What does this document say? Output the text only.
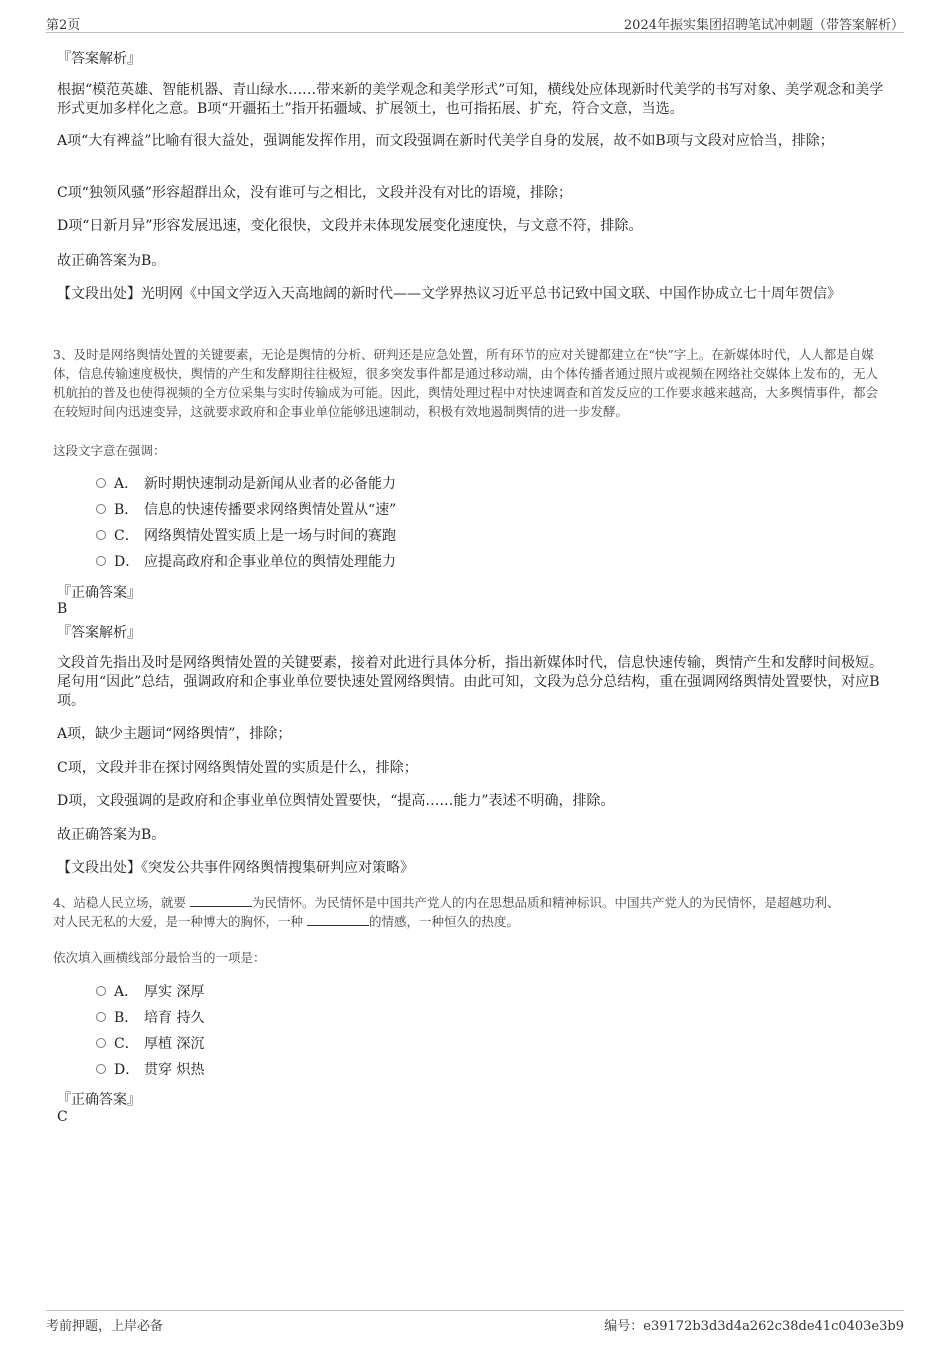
第2页	2024年振实集团招聘笔试冲刺题（带答案解析）
『答案解析』
根据“模范英雄、智能机器、青山绿水……带来新的美学观念和美学形式”可知，横线处应体现新时代美学的书写对象、美学观念和美学形式更加多样化之意。B项“开疆拓土”指开拓疆域、扩展领土，也可指拓展、扩充，符合文意，当选。
A项“大有裨益”比喻有很大益处，强调能发挥作用，而文段强调在新时代美学自身的发展，故不如B项与文段对应恰当，排除；
C项“独领风骚”形容超群出众，没有谁可与之相比，文段并没有对比的语境，排除；
D项“日新月异”形容发展迅速，变化很快，文段并未体现发展变化速度快，与文意不符，排除。
故正确答案为B。
【文段出处】光明网《中国文学迈入天高地阔的新时代——文学界热议习近平总书记致中国文联、中国作协成立七十周年贺信》
3、及时是网络舆情处置的关键要素，无论是舆情的分析、研判还是应急处置，所有环节的应对关键都建立在“快”字上。在新媒体时代，人人都是自媒体，信息传输速度极快，舆情的产生和发酵期往往极短，很多突发事件都是通过移动端，由个体传播者通过照片或视频在网络社交媒体上发布的，无人机航拍的普及也使得视频的全方位采集与实时传输成为可能。因此，舆情处理过程中对快速调查和首发反应的工作要求越来越高，大多舆情事件，都会在较短时间内迅速变异，这就要求政府和企事业单位能够迅速制动，积极有效地遏制舆情的进一步发酵。
这段文字意在强调：
A． 新时期快速制动是新闻从业者的必备能力
B． 信息的快速传播要求网络舆情处置从“速”
C． 网络舆情处置实质上是一场与时间的赛跑
D． 应提高政府和企事业单位的舆情处理能力
『正确答案』
B
『答案解析』
文段首先指出及时是网络舆情处置的关键要素，接着对此进行具体分析，指出新媒体时代，信息快速传输，舆情产生和发酵时间极短。尾句用“因此”总结，强调政府和企事业单位要快速处置网络舆情。由此可知，文段为总分总结构，重在强调网络舆情处置要快，对应B项。
A项，缺少主题词“网络舆情”，排除；
C项，文段并非在探讨网络舆情处置的实质是什么，排除；
D项，文段强调的是政府和企事业单位舆情处置要快，“提高……能力”表述不明确，排除。
故正确答案为B。
【文段出处】《突发公共事件网络舆情搜集研判应对策略》
4、站稳人民立场，就要	为民情怀。为民情怀是中国共产党人的内在思想品质和精神标识。中国共产党人的为民情怀，是超越功利、
对人民无私的大爱，是一种博大的胸怀，一种	的情感，一种恒久的热度。
依次填入画横线部分最恰当的一项是：
A． 厚实 深厚
B． 培育 持久
C． 厚植 深沉
D． 贯穿 炽热
『正确答案』
C
考前押题，上岸必备	编号：e39172b3d3d4a262c38de41c0403e3b9
